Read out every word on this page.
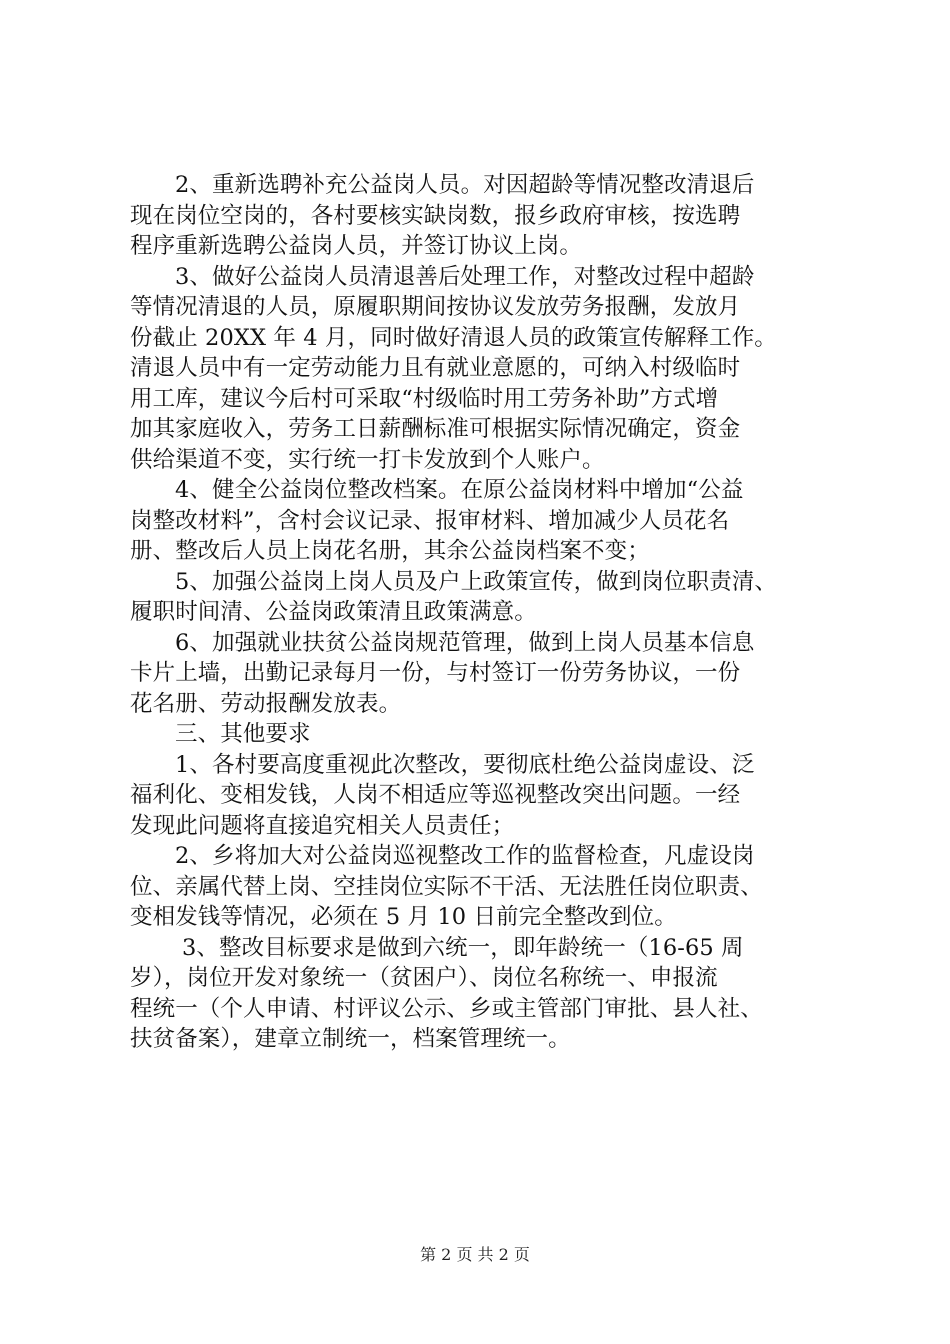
2、重新选聘补充公益岗人员。对因超龄等情况整改清退后
现在岗位空岗的，各村要核实缺岗数，报乡政府审核，按选聘
程序重新选聘公益岗人员，并签订协议上岗。
3、做好公益岗人员清退善后处理工作，对整改过程中超龄
等情况清退的人员，原履职期间按协议发放劳务报酬，发放月
份截止 20XX 年 4 月，同时做好清退人员的政策宣传解释工作。
清退人员中有一定劳动能力且有就业意愿的，可纳入村级临时
用工库，建议今后村可采取“村级临时用工劳务补助”方式增
加其家庭收入，劳务工日薪酬标准可根据实际情况确定，资金
供给渠道不变，实行统一打卡发放到个人账户。
4、健全公益岗位整改档案。在原公益岗材料中增加“公益
岗整改材料”，含村会议记录、报审材料、增加减少人员花名
册、整改后人员上岗花名册，其余公益岗档案不变；
5、加强公益岗上岗人员及户上政策宣传，做到岗位职责清、
履职时间清、公益岗政策清且政策满意。
6、加强就业扶贫公益岗规范管理，做到上岗人员基本信息
卡片上墙，出勤记录每月一份，与村签订一份劳务协议，一份
花名册、劳动报酬发放表。
三、其他要求
1、各村要高度重视此次整改，要彻底杜绝公益岗虚设、泛
福利化、变相发钱，人岗不相适应等巡视整改突出问题。一经
发现此问题将直接追究相关人员责任；
2、乡将加大对公益岗巡视整改工作的监督检查，凡虚设岗
位、亲属代替上岗、空挂岗位实际不干活、无法胜任岗位职责、
变相发钱等情况，必须在 5 月 10 日前完全整改到位。
3、整改目标要求是做到六统一，即年龄统一（16-65 周
岁），岗位开发对象统一（贫困户）、岗位名称统一、申报流
程统一（个人申请、村评议公示、乡或主管部门审批、县人社、
扶贫备案），建章立制统一，档案管理统一。
第 2 页 共 2 页
